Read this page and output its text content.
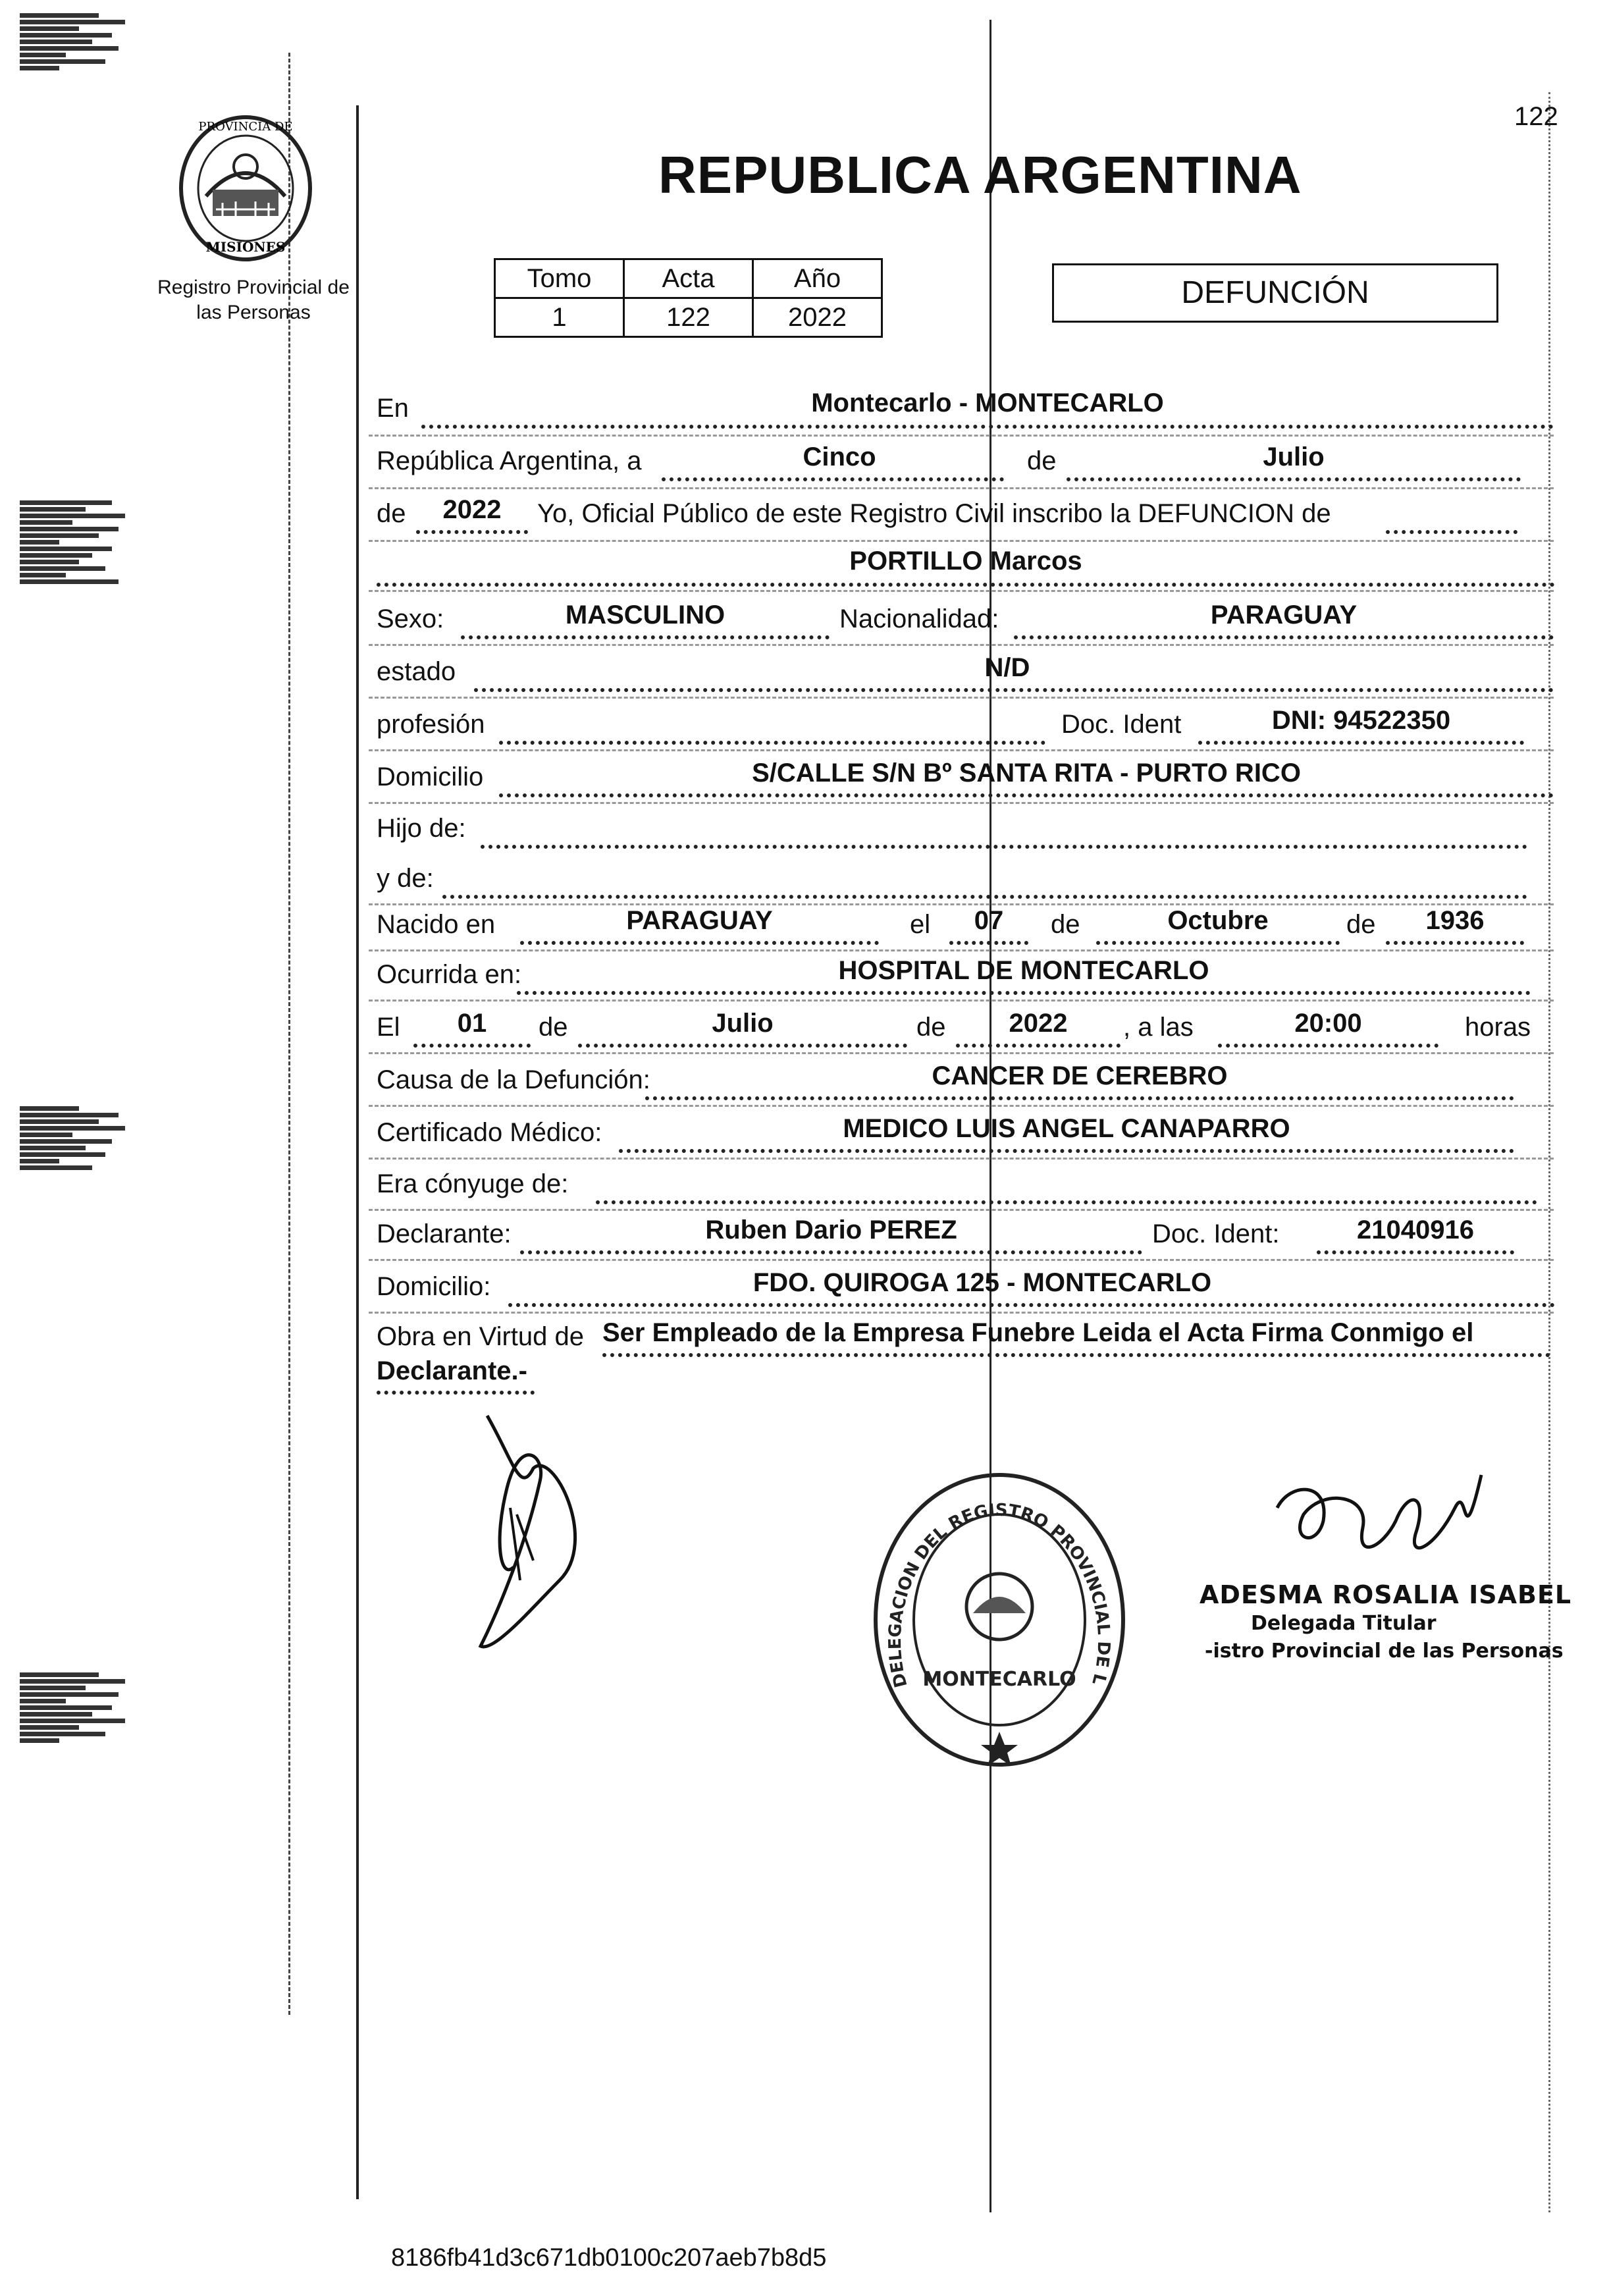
PROVINCIA DE
MISIONES
Registro Provincial de
las Personas
122
REPUBLICA ARGENTINA
Tomo	Acta	Año
1	122	2022
DEFUNCIÓN
En	Montecarlo - MONTECARLO
República Argentina, a	Cinco	de	Julio
de	2022	Yo, Oficial Público de este Registro Civil inscribo la DEFUNCION de
PORTILLO Marcos
Sexo:	MASCULINO	Nacionalidad:	PARAGUAY
estado	N/D
profesión	Doc. Ident	DNI: 94522350
Domicilio	S/CALLE S/N Bº SANTA RITA - PURTO RICO
Hijo de:
y de:
Nacido en	PARAGUAY	el	07	de	Octubre	de	1936
Ocurrida en:	HOSPITAL DE MONTECARLO
El	01	de	Julio	de	2022	, a las	20:00	horas
Causa de la Defunción:	CANCER DE CEREBRO
Certificado Médico:	MEDICO LUIS ANGEL CANAPARRO
Era cónyuge de:
Declarante:	Ruben Dario PEREZ	Doc. Ident:	21040916
Domicilio:	FDO. QUIROGA 125 - MONTECARLO
Obra en Virtud de Ser Empleado de la Empresa Funebre Leida el Acta Firma Conmigo el
Declarante.-
DELEGACION DEL REGISTRO PROVINCIAL DE L
MONTECARLO
ADESMA ROSALIA ISABEL
Delegada Titular
-istro Provincial de las Personas
8186fb41d3c671db0100c207aeb7b8d5
